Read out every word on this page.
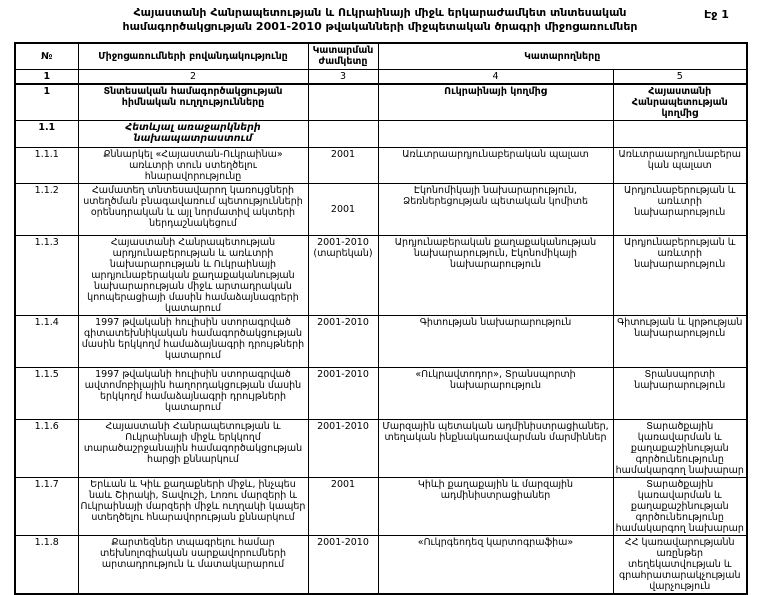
Հայաստանի Հանրապետության և Ուկրաինայի միջև երկարաժամկետ տնտեսական
համագործակցության 2001-2010 թվականների միջպետական ծրագրի միջոցառումներ
Էջ 1
№	Միջոցառումների բովանդակությունը	Կատարման ժամկետը	Կատարողները	
1	2	3	4	5
1	Տնտեսական համագործակցության հիմնական ուղղությունները		Ուկրաինայի կողմից	Հայաստանի Հանրապետության կողմից
1.1	Հետևյալ առաջարկների նախապատրաստում			
1.1.1	Քննարկել «Հայաստան-Ուկրաինա» առևտրի տուն ստեղծելու հնարավորությունը	2001	Առևտրաարդյունաբերական պալատ	Առևտրաարդյունաբերական պալատ
1.1.2	Համատեղ տնտեսավարող կառույցների ստեղծման բնագավառում պետությունների օրենսդրական և այլ նորմատիվ ակտերի ներդաշնակեցում	2001	Էկոնոմիկայի նախարարություն, Ձեռներեցության պետական կոմիտե	Արդյունաբերության և առևտրի նախարարություն
1.1.3	Հայաստանի Հանրապետության արդյունաբերության և առևտրի նախարարության և Ուկրաինայի արդյունաբերական քաղաքականության նախարարության միջև արտադրական կոոպերացիայի մասին համաձայնագրերի կատարում	2001-2010 (տարեկան)	Արդյունաբերական քաղաքականության նախարարություն, Էկոնոմիկայի նախարարություն	Արդյունաբերության և առևտրի նախարարություն
1.1.4	1997 թվականի հուլիսին ստորագրված գիտատեխնիկական համագործակցության մասին երկկողմ համաձայնագրի դրույթների կատարում	2001-2010	Գիտության նախարարություն	Գիտության և կրթության նախարարություն
1.1.5	1997 թվականի հուլիսին ստորագրված ավտոմոբիլային հաղորդակցության մասին երկկողմ համաձայնագրի դրույթների կատարում	2001-2010	«Ուկրավտոդոր», Տրանսպորտի նախարարություն	Տրանսպորտի նախարարություն
1.1.6	Հայաստանի Հանրապետության և Ուկրաինայի միջև երկկողմ տարածաշրջանային համագործակցության հարցի քննարկում	2001-2010	Մարզային պետական ադմինիստրացիաներ, տեղական ինքնակառավարման մարմիններ	Տարածքային կառավարման և քաղաքաշինության գործունեությունը համակարգող նախարար
1.1.7	Երևան և Կիև քաղաքների միջև, ինչպես նաև Շիրակի, Տավուշի, Լոռու մարզերի և Ուկրաինայի մարզերի միջև ուղղակի կապեր ստեղծելու հնարավորության քննարկում	2001	Կիևի քաղաքային և մարզային ադմինիստրացիաներ	Տարածքային կառավարման և քաղաքաշինության գործունեությունը համակարգող նախարար
1.1.8	Քարտեզներ տպագրելու համար տեխնոլոգիական սարքավորումների արտադրություն և մատակարարում	2001-2010	«Ուկրգեոդեզ կարտոգրաֆիա»	ՀՀ կառավարությանն առընթեր տեղեկատվության և գրահրատարակչության վարչություն
